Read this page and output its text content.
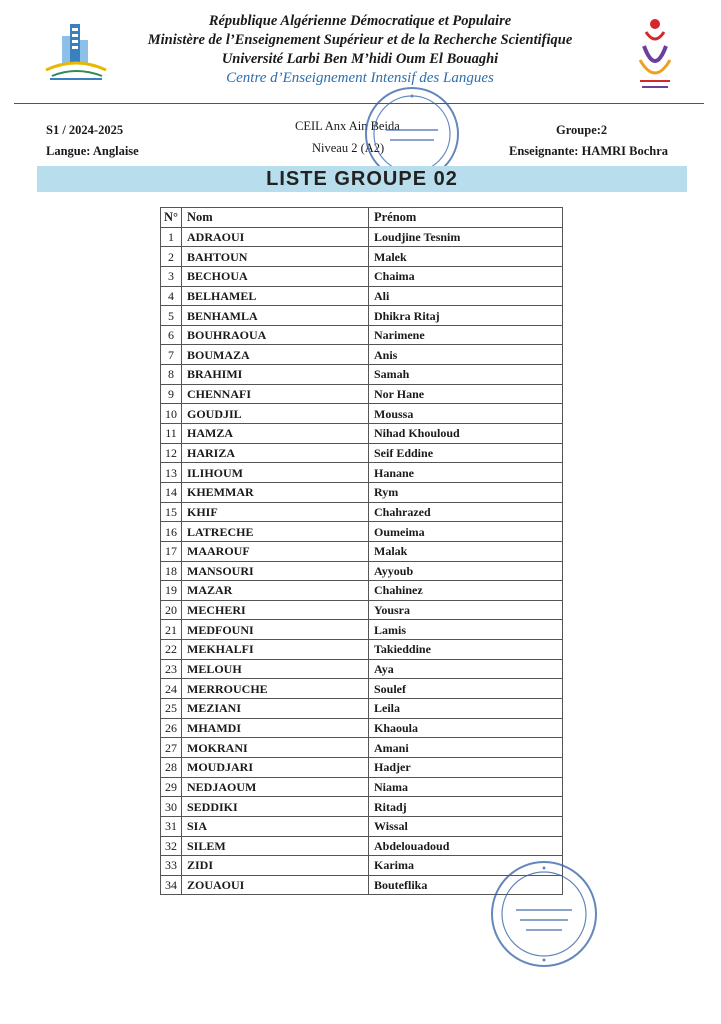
République Algérienne Démocratique et Populaire
Ministère de l’Enseignement Supérieur et de la Recherche Scientifique
Université Larbi Ben M’hidi Oum El Bouaghi
Centre d’Enseignement Intensif des Langues
S1 / 2024-2025
Langue: Anglaise
CEIL Anx Ain Beida
Niveau 2 (A2)
Groupe:2
Enseignante: HAMRI Bochra
LISTE GROUPE 02
N°	Nom	Prénom
1	ADRAOUI	Loudjine Tesnim
2	BAHTOUN	Malek
3	BECHOUA	Chaima
4	BELHAMEL	Ali
5	BENHAMLA	Dhikra Ritaj
6	BOUHRAOUA	Narimene
7	BOUMAZA	Anis
8	BRAHIMI	Samah
9	CHENNAFI	Nor Hane
10	GOUDJIL	Moussa
11	HAMZA	Nihad Khouloud
12	HARIZA	Seif Eddine
13	ILIHOUM	Hanane
14	KHEMMAR	Rym
15	KHIF	Chahrazed
16	LATRECHE	Oumeima
17	MAAROUF	Malak
18	MANSOURI	Ayyoub
19	MAZAR	Chahinez
20	MECHERI	Yousra
21	MEDFOUNI	Lamis
22	MEKHALFI	Takieddine
23	MELOUH	Aya
24	MERROUCHE	Soulef
25	MEZIANI	Leila
26	MHAMDI	Khaoula
27	MOKRANI	Amani
28	MOUDJARI	Hadjer
29	NEDJAOUM	Niama
30	SEDDIKI	Ritadj
31	SIA	Wissal
32	SILEM	Abdelouadoud
33	ZIDI	Karima
34	ZOUAOUI	Bouteflika
